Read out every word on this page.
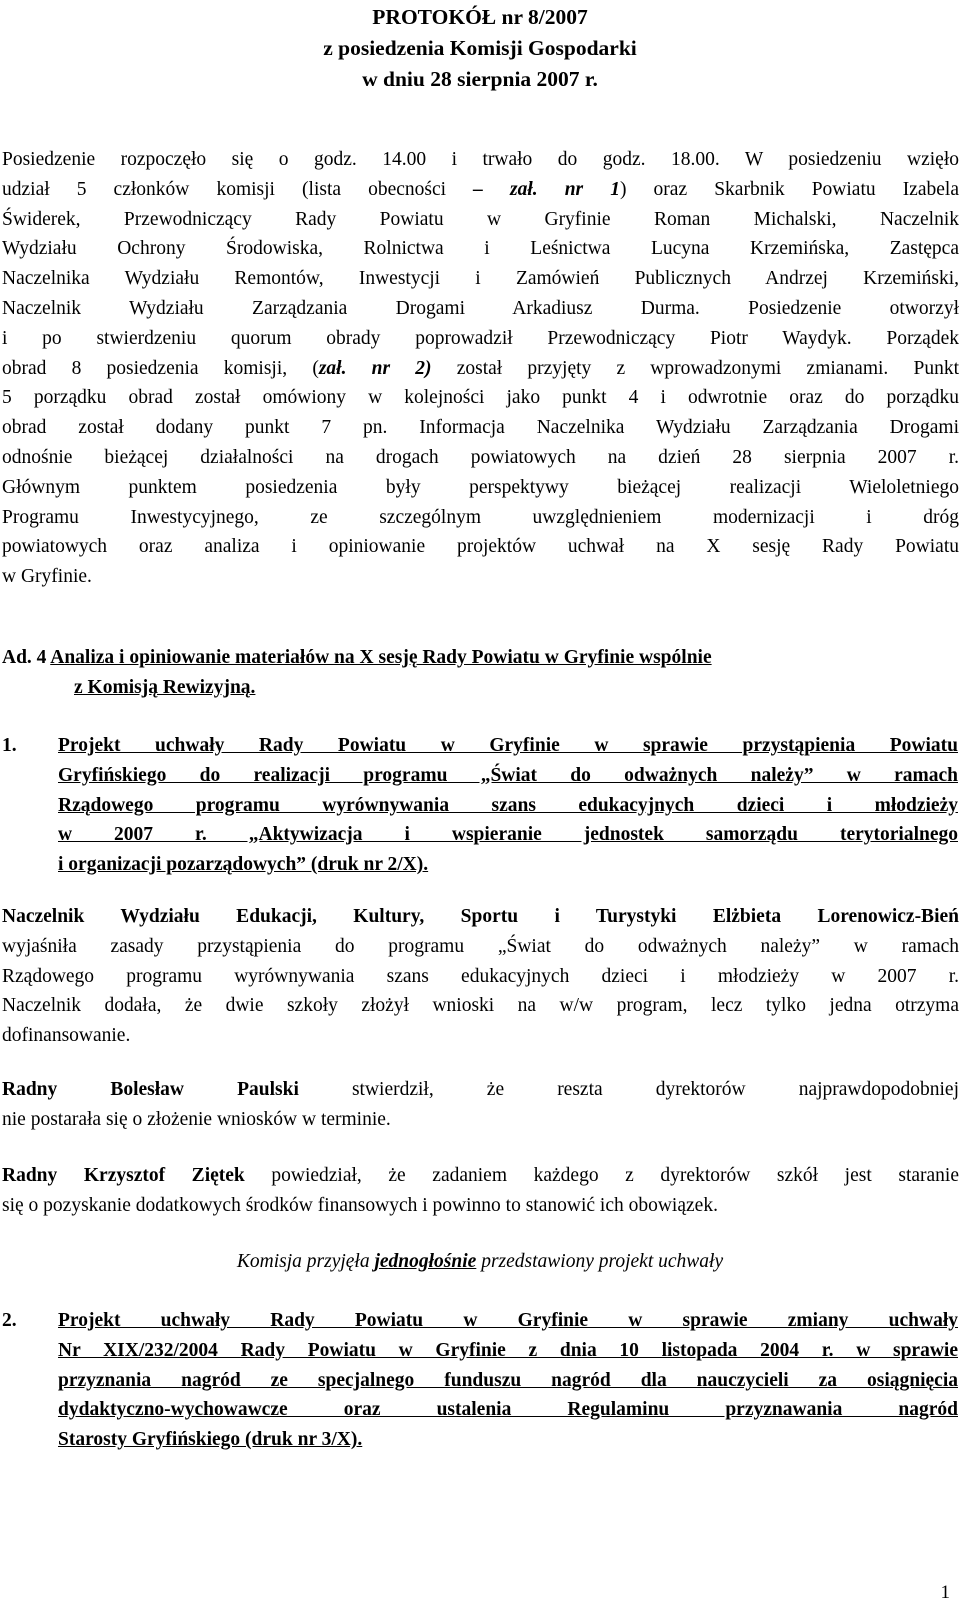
PROTOKÓŁ nr 8/2007
z posiedzenia Komisji Gospodarki
w dniu 28 sierpnia 2007 r.
Posiedzenie rozpoczęło się o godz. 14.00 i trwało do godz. 18.00. W posiedzeniu wzięło
udział 5 członków komisji (lista obecności – zał. nr 1) oraz Skarbnik Powiatu Izabela
Świderek, Przewodniczący Rady Powiatu w Gryfinie Roman Michalski, Naczelnik
Wydziału Ochrony Środowiska, Rolnictwa i Leśnictwa Lucyna Krzemińska, Zastępca
Naczelnika Wydziału Remontów, Inwestycji i Zamówień Publicznych Andrzej Krzemiński,
Naczelnik Wydziału Zarządzania Drogami Arkadiusz Durma. Posiedzenie otworzył
i po stwierdzeniu quorum obrady poprowadził Przewodniczący Piotr Waydyk. Porządek
obrad 8 posiedzenia komisji, (zał. nr 2) został przyjęty z wprowadzonymi zmianami. Punkt
5 porządku obrad został omówiony w kolejności jako punkt 4 i odwrotnie oraz do porządku
obrad został dodany punkt 7 pn. Informacja Naczelnika Wydziału Zarządzania Drogami
odnośnie bieżącej działalności na drogach powiatowych na dzień 28 sierpnia 2007 r.
Głównym punktem posiedzenia były perspektywy bieżącej realizacji Wieloletniego
Programu Inwestycyjnego, ze szczególnym uwzględnieniem modernizacji i dróg
powiatowych oraz analiza i opiniowanie projektów uchwał na X sesję Rady Powiatu
w Gryfinie.
Ad. 4 Analiza i opiniowanie materiałów na X sesję Rady Powiatu w Gryfinie wspólnie
z Komisją Rewizyjną.
1. Projekt uchwały Rady Powiatu w Gryfinie w sprawie przystąpienia Powiatu
Gryfińskiego do realizacji programu „Świat do odważnych należy” w ramach
Rządowego programu wyrównywania szans edukacyjnych dzieci i młodzieży
w 2007 r. „Aktywizacja i wspieranie jednostek samorządu terytorialnego
i organizacji pozarządowych” (druk nr 2/X).
Naczelnik Wydziału Edukacji, Kultury, Sportu i Turystyki Elżbieta Lorenowicz-Bień
wyjaśniła zasady przystąpienia do programu „Świat do odważnych należy” w ramach
Rządowego programu wyrównywania szans edukacyjnych dzieci i młodzieży w 2007 r.
Naczelnik dodała, że dwie szkoły złożył wnioski na w/w program, lecz tylko jedna otrzyma
dofinansowanie.
Radny Bolesław Paulski stwierdził, że reszta dyrektorów najprawdopodobniej
nie postarała się o złożenie wniosków w terminie.
Radny Krzysztof Ziętek powiedział, że zadaniem każdego z dyrektorów szkół jest staranie
się o pozyskanie dodatkowych środków finansowych i powinno to stanowić ich obowiązek.
Komisja przyjęła jednogłośnie przedstawiony projekt uchwały
2. Projekt uchwały Rady Powiatu w Gryfinie w sprawie zmiany uchwały
Nr XIX/232/2004 Rady Powiatu w Gryfinie z dnia 10 listopada 2004 r. w sprawie
przyznania nagród ze specjalnego funduszu nagród dla nauczycieli za osiągnięcia
dydaktyczno-wychowawcze oraz ustalenia Regulaminu przyznawania nagród
Starosty Gryfińskiego (druk nr 3/X).
1
